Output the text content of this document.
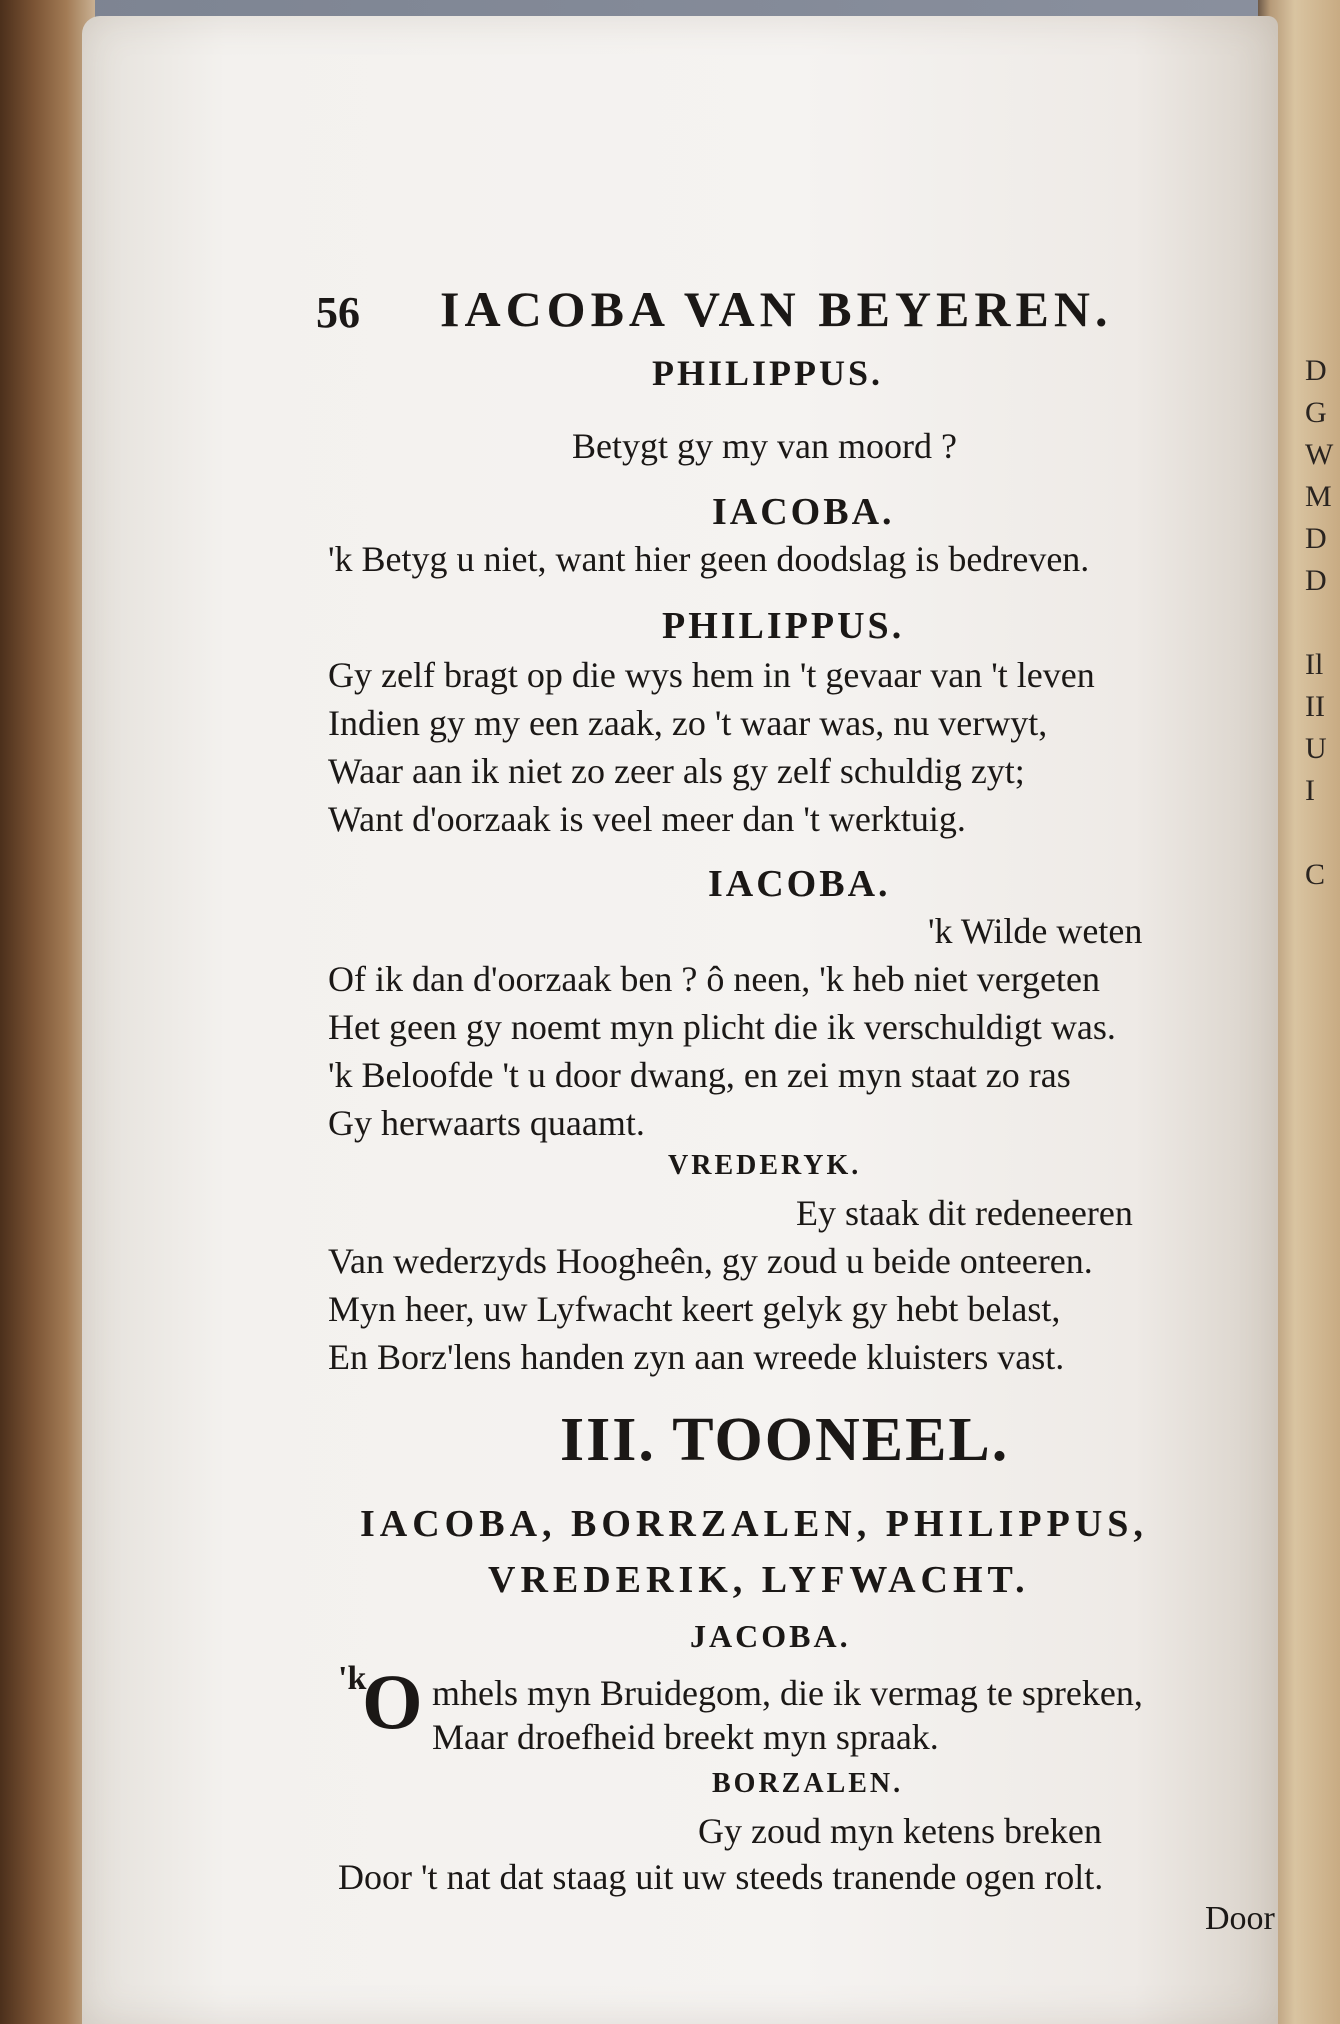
D
G
W
M
D
D

Il
II
U
I

C
56 IACOBA VAN BEYEREN.
PHILIPPUS.
Betygt gy my van moord ?
IACOBA.
'k Betyg u niet, want hier geen doodslag is bedreven.
PHILIPPUS.
Gy zelf bragt op die wys hem in 't gevaar van 't leven
Indien gy my een zaak, zo 't waar was, nu verwyt,
Waar aan ik niet zo zeer als gy zelf schuldig zyt;
Want d'oorzaak is veel meer dan 't werktuig.
IACOBA.
'k Wilde weten
Of ik dan d'oorzaak ben ? ô neen, 'k heb niet vergeten
Het geen gy noemt myn plicht die ik verschuldigt was.
'k Beloofde 't u door dwang, en zei myn staat zo ras
Gy herwaarts quaamt.
VREDERYK.
Ey staak dit redeneeren
Van wederzyds Hoogheên, gy zoud u beide onteeren.
Myn heer, uw Lyfwacht keert gelyk gy hebt belast,
En Borz'lens handen zyn aan wreede kluisters vast.
III. TOONEEL.
IACOBA, BORRZALEN, PHILIPPUS,
VREDERIK, LYFWACHT.
JACOBA.
'k
O mhels myn Bruidegom, die ik vermag te spreken,
Maar droefheid breekt myn spraak.
BORZALEN.
Gy zoud myn ketens breken
Door 't nat dat staag uit uw steeds tranende ogen rolt.
Door
